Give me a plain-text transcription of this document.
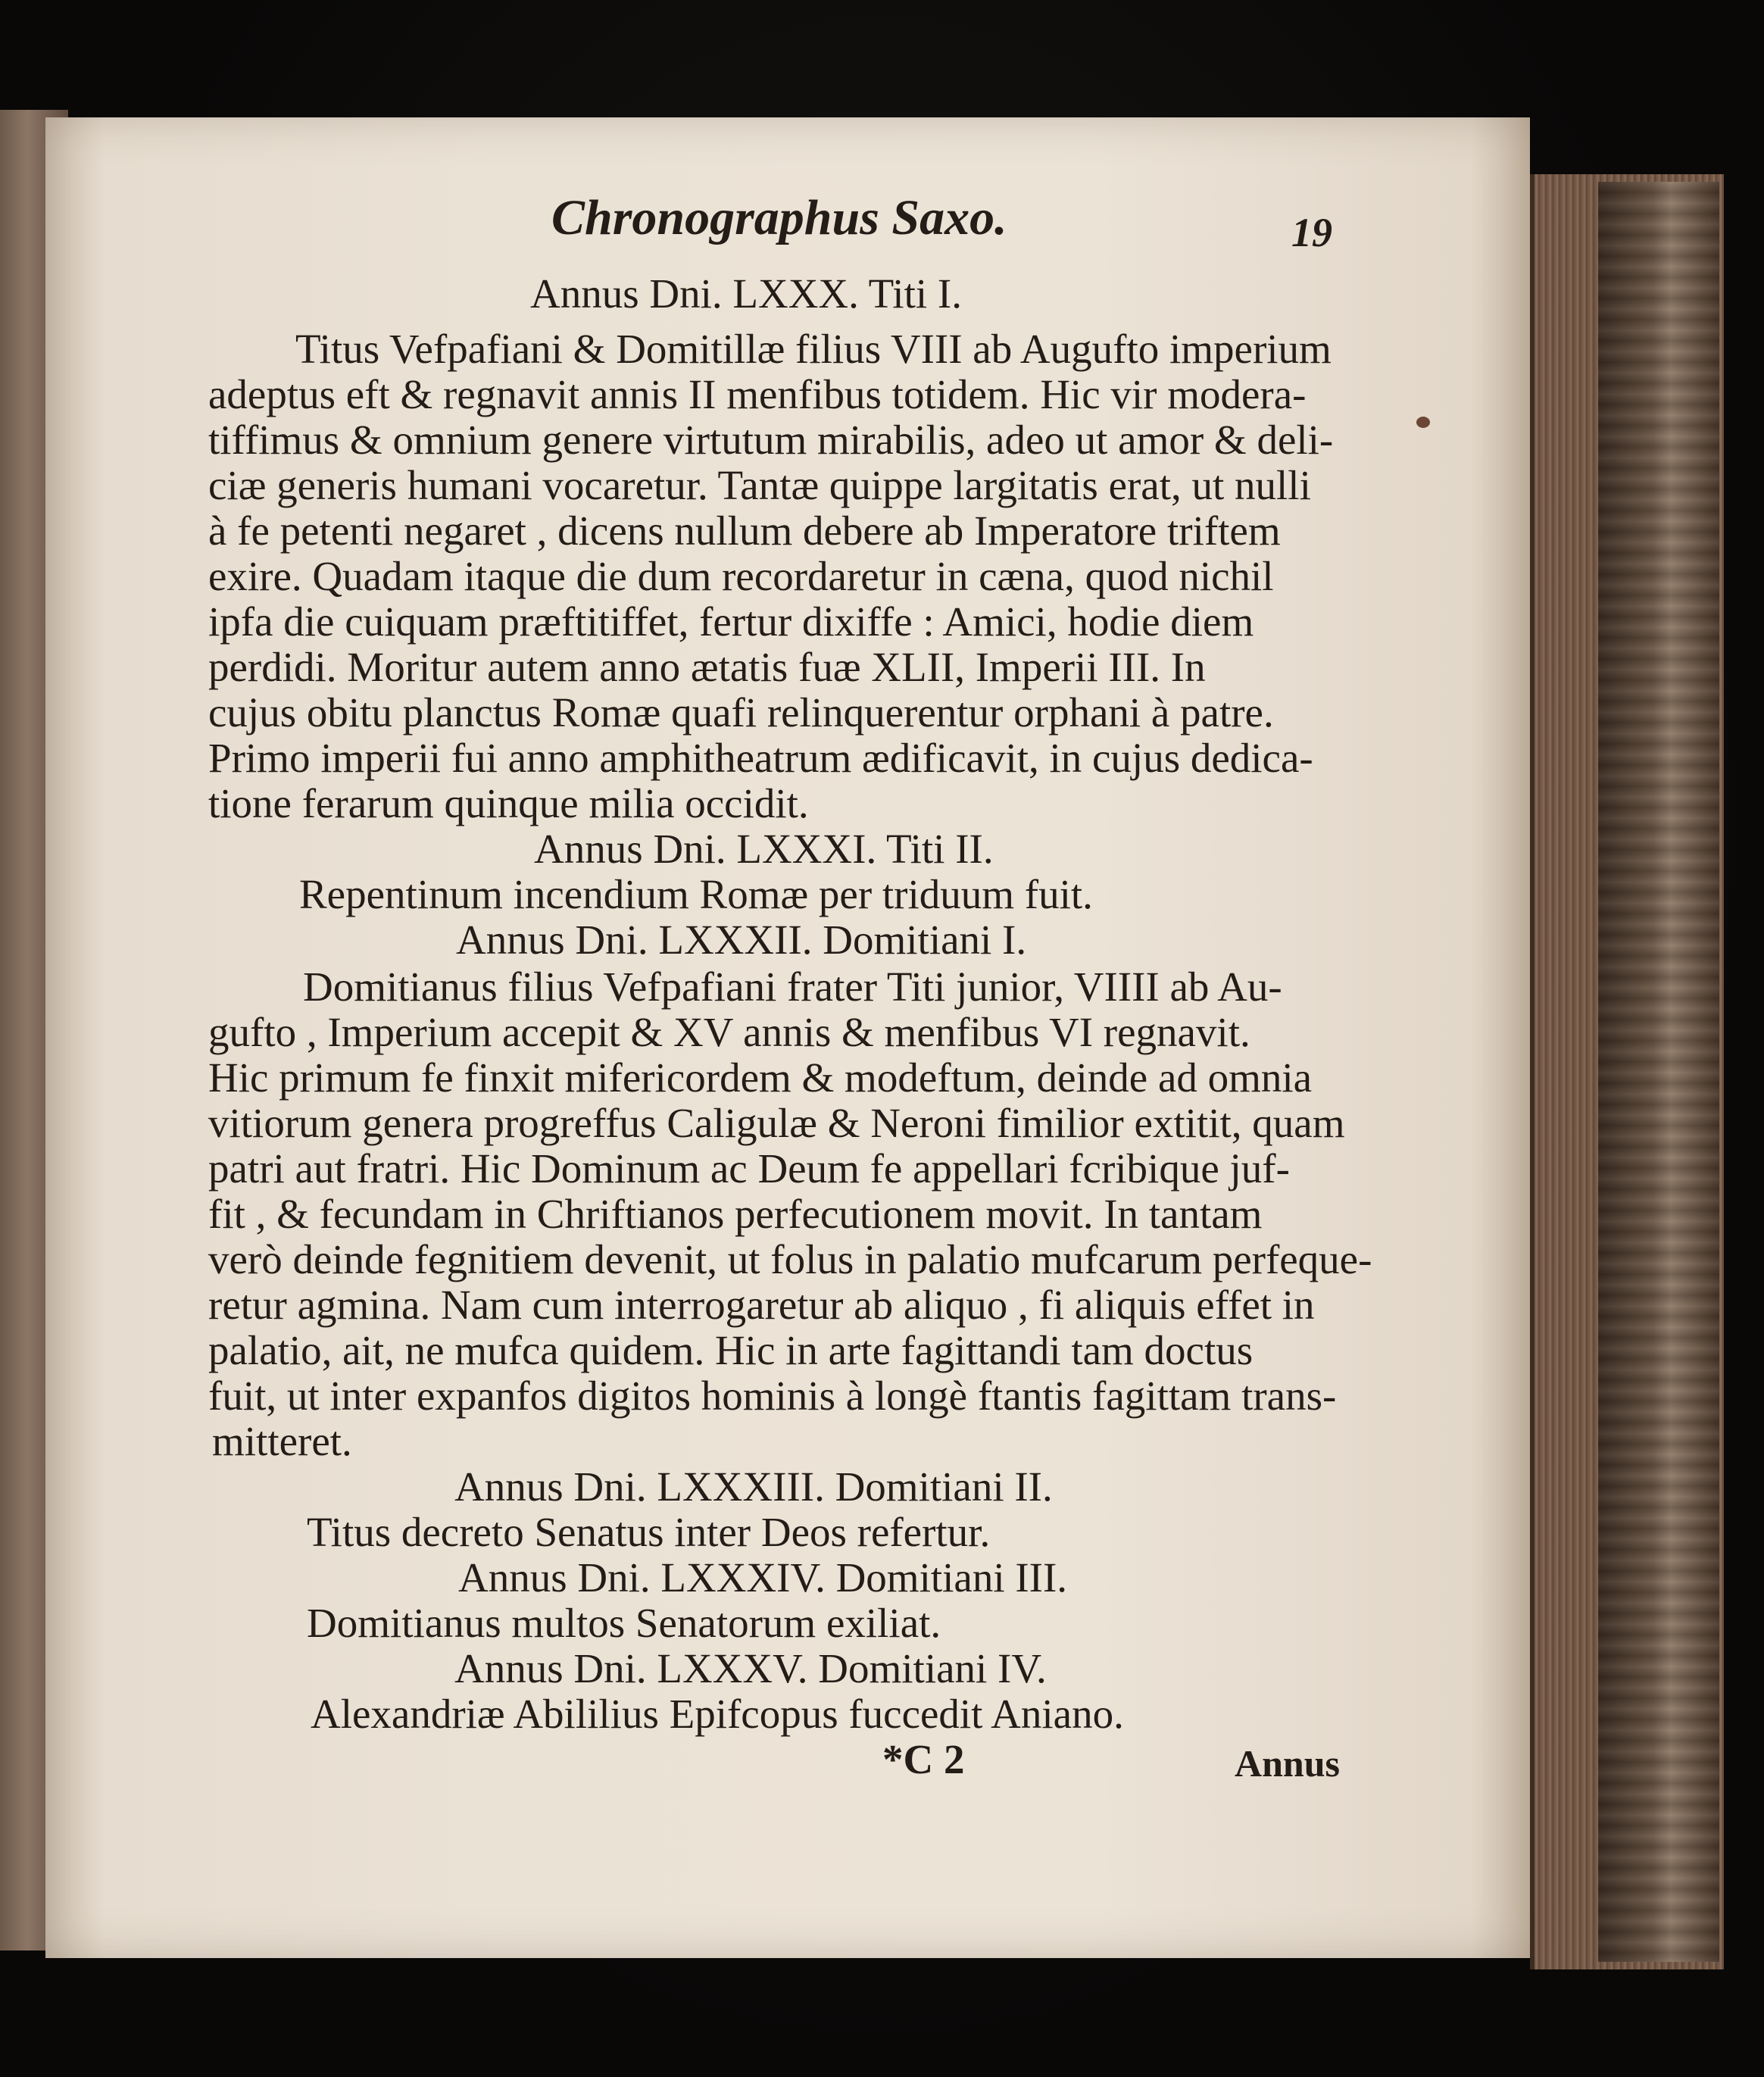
Chronographus Saxo.	19
Annus Dni. LXXX. Titi I.
Titus Vefpafiani & Domitillæ filius VIII ab Augufto imperium
adeptus eft & regnavit annis II menfibus totidem. Hic vir modera-
tiffimus & omnium genere virtutum mirabilis, adeo ut amor & deli-
ciæ generis humani vocaretur. Tantæ quippe largitatis erat, ut nulli
à fe petenti negaret , dicens nullum debere ab Imperatore triftem
exire. Quadam itaque die dum recordaretur in cæna, quod nichil
ipfa die cuiquam præftitiffet, fertur dixiffe : Amici, hodie diem
perdidi. Moritur autem anno ætatis fuæ XLII, Imperii III. In
cujus obitu planctus Romæ quafi relinquerentur orphani à patre.
Primo imperii fui anno amphitheatrum ædificavit, in cujus dedica-
tione ferarum quinque milia occidit.
Annus Dni. LXXXI. Titi II.
Repentinum incendium Romæ per triduum fuit.
Annus Dni. LXXXII. Domitiani I.
Domitianus filius Vefpafiani frater Titi junior, VIIII ab Au-
gufto , Imperium accepit & XV annis & menfibus VI regnavit.
Hic primum fe finxit mifericordem & modeftum, deinde ad omnia
vitiorum genera progreffus Caligulæ & Neroni fimilior extitit, quam
patri aut fratri. Hic Dominum ac Deum fe appellari fcribique juf-
fit , & fecundam in Chriftianos perfecutionem movit. In tantam
verò deinde fegnitiem devenit, ut folus in palatio mufcarum perfeque-
retur agmina. Nam cum interrogaretur ab aliquo , fi aliquis effet in
palatio, ait, ne mufca quidem. Hic in arte fagittandi tam doctus
fuit, ut inter expanfos digitos hominis à longè ftantis fagittam trans-
mitteret.
Annus Dni. LXXXIII. Domitiani II.
Titus decreto Senatus inter Deos refertur.
Annus Dni. LXXXIV. Domitiani III.
Domitianus multos Senatorum exiliat.
Annus Dni. LXXXV. Domitiani IV.
Alexandriæ Abililius Epifcopus fuccedit Aniano.
*C 2	Annus
